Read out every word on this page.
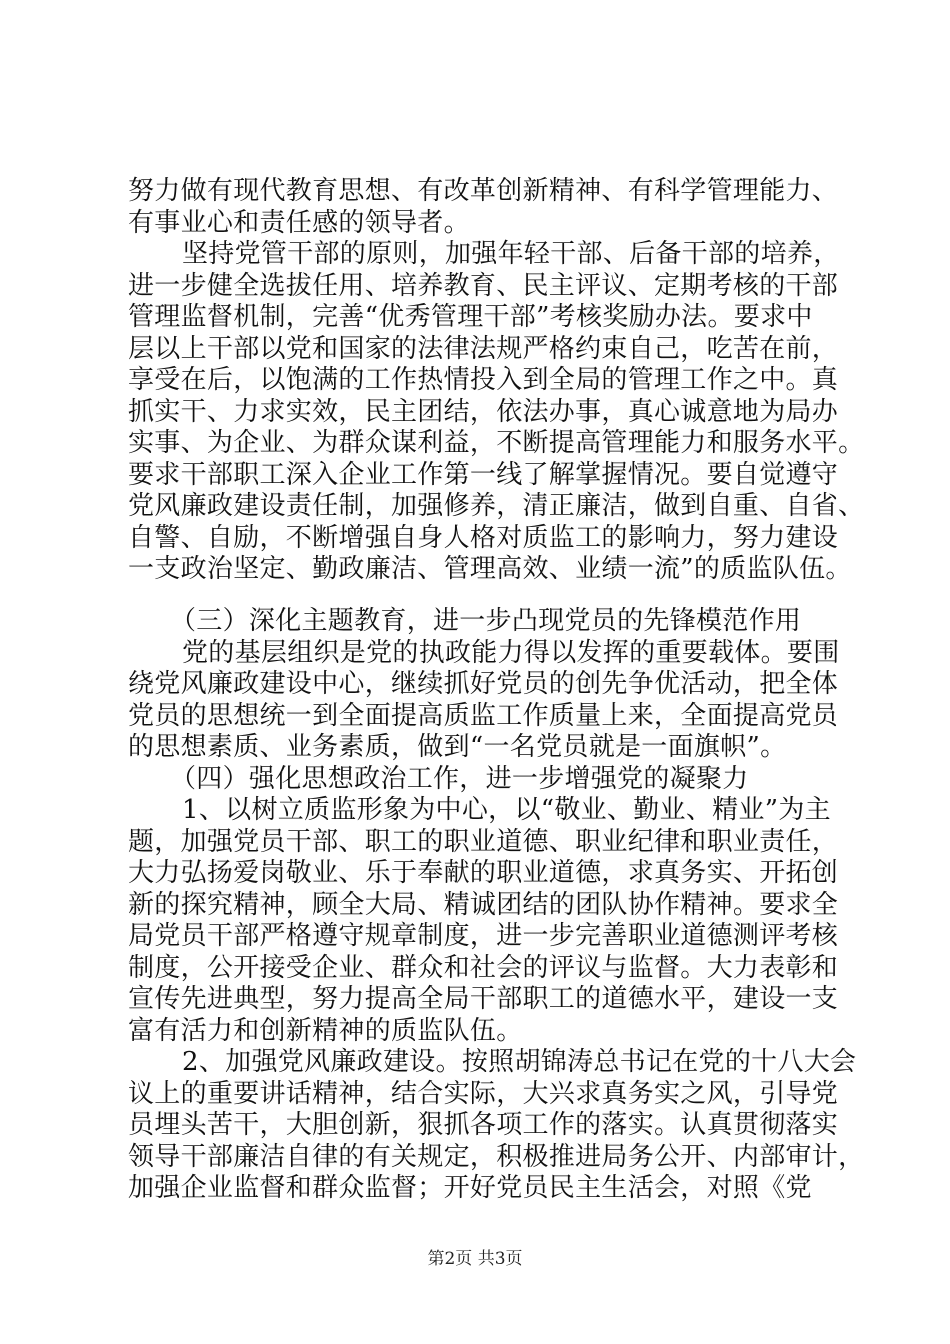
努力做有现代教育思想、有改革创新精神、有科学管理能力、
有事业心和责任感的领导者。

坚持党管干部的原则，加强年轻干部、后备干部的培养，
进一步健全选拔任用、培养教育、民主评议、定期考核的干部
管理监督机制，完善“优秀管理干部”考核奖励办法。要求中
层以上干部以党和国家的法律法规严格约束自己，吃苦在前，
享受在后，以饱满的工作热情投入到全局的管理工作之中。真
抓实干、力求实效，民主团结，依法办事，真心诚意地为局办
实事、为企业、为群众谋利益，不断提高管理能力和服务水平。
要求干部职工深入企业工作第一线了解掌握情况。要自觉遵守
党风廉政建设责任制，加强修养，清正廉洁，做到自重、自省、
自警、自励，不断增强自身人格对质监工的影响力，努力建设
一支政治坚定、勤政廉洁、管理高效、业绩一流”的质监队伍。

（三）深化主题教育，进一步凸现党员的先锋模范作用
党的基层组织是党的执政能力得以发挥的重要载体。要围
绕党风廉政建设中心，继续抓好党员的创先争优活动，把全体
党员的思想统一到全面提高质监工作质量上来，全面提高党员
的思想素质、业务素质，做到“一名党员就是一面旗帜”。

（四）强化思想政治工作，进一步增强党的凝聚力
1、以树立质监形象为中心，以“敬业、勤业、精业”为主
题，加强党员干部、职工的职业道德、职业纪律和职业责任，
大力弘扬爱岗敬业、乐于奉献的职业道德，求真务实、开拓创
新的探究精神，顾全大局、精诚团结的团队协作精神。要求全
局党员干部严格遵守规章制度，进一步完善职业道德测评考核
制度，公开接受企业、群众和社会的评议与监督。大力表彰和
宣传先进典型，努力提高全局干部职工的道德水平，建设一支
富有活力和创新精神的质监队伍。
2、加强党风廉政建设。按照胡锦涛总书记在党的十八大会
议上的重要讲话精神，结合实际，大兴求真务实之风，引导党
员埋头苦干，大胆创新，狠抓各项工作的落实。认真贯彻落实
领导干部廉洁自律的有关规定，积极推进局务公开、内部审计，
加强企业监督和群众监督；开好党员民主生活会，对照《党

第2页 共3页
